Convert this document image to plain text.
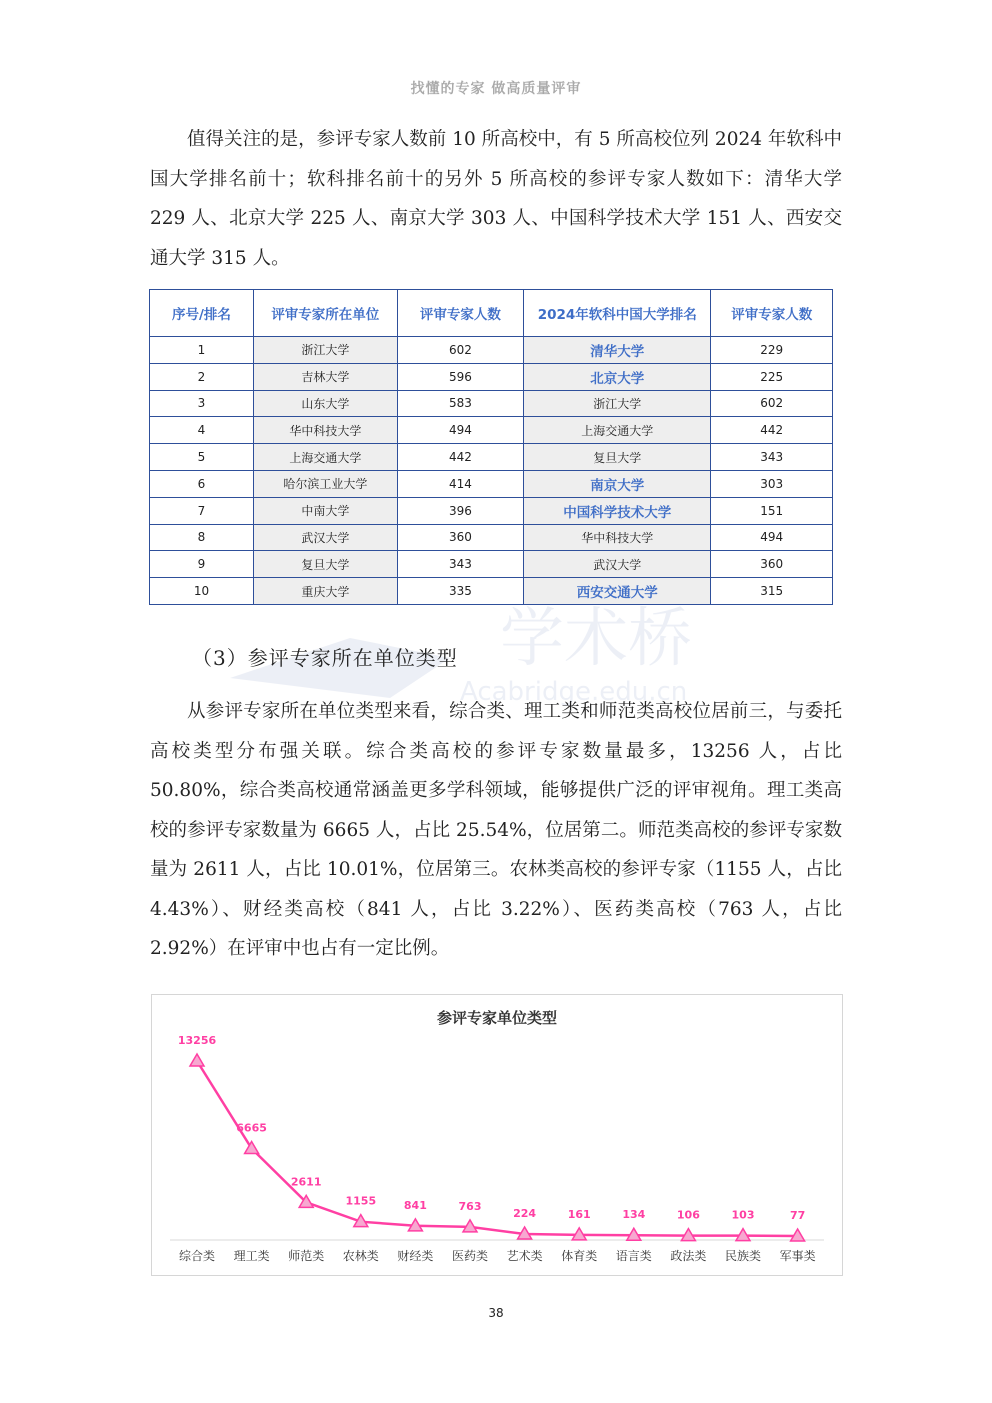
找懂的专家 做高质量评审

值得关注的是，参评专家人数前 10 所高校中，有 5 所高校位列 2024 年软科中国大学排名前十；软科排名前十的另外 5 所高校的参评专家人数如下：清华大学 229 人、北京大学 225 人、南京大学 303 人、中国科学技术大学 151 人、西安交通大学 315 人。

序号/排名	评审专家所在单位	评审专家人数	2024年软科中国大学排名	评审专家人数
1	浙江大学	602	清华大学	229
2	吉林大学	596	北京大学	225
3	山东大学	583	浙江大学	602
4	华中科技大学	494	上海交通大学	442
5	上海交通大学	442	复旦大学	343
6	哈尔滨工业大学	414	南京大学	303
7	中南大学	396	中国科学技术大学	151
8	武汉大学	360	华中科技大学	494
9	复旦大学	343	武汉大学	360
10	重庆大学	335	西安交通大学	315
学术桥
Acabridge.edu.cn
（3）参评专家所在单位类型

从参评专家所在单位类型来看，综合类、理工类和师范类高校位居前三，与委托高校类型分布强关联。综合类高校的参评专家数量最多，13256 人，占比 50.80%，综合类高校通常涵盖更多学科领域，能够提供广泛的评审视角。理工类高校的参评专家数量为 6665 人，占比 25.54%，位居第二。师范类高校的参评专家数量为 2611 人，占比 10.01%，位居第三。农林类高校的参评专家（1155 人，占比 4.43%）、财经类高校（841 人，占比 3.22%）、医药类高校（763 人，占比 2.92%）在评审中也占有一定比例。

参评专家单位类型
13256
6665
2611
1155	841	763
224	161	134	106	103	77
综合类 理工类 师范类 农林类 财经类 医药类 艺术类 体育类 语言类 政法类 民族类 军事类
38
